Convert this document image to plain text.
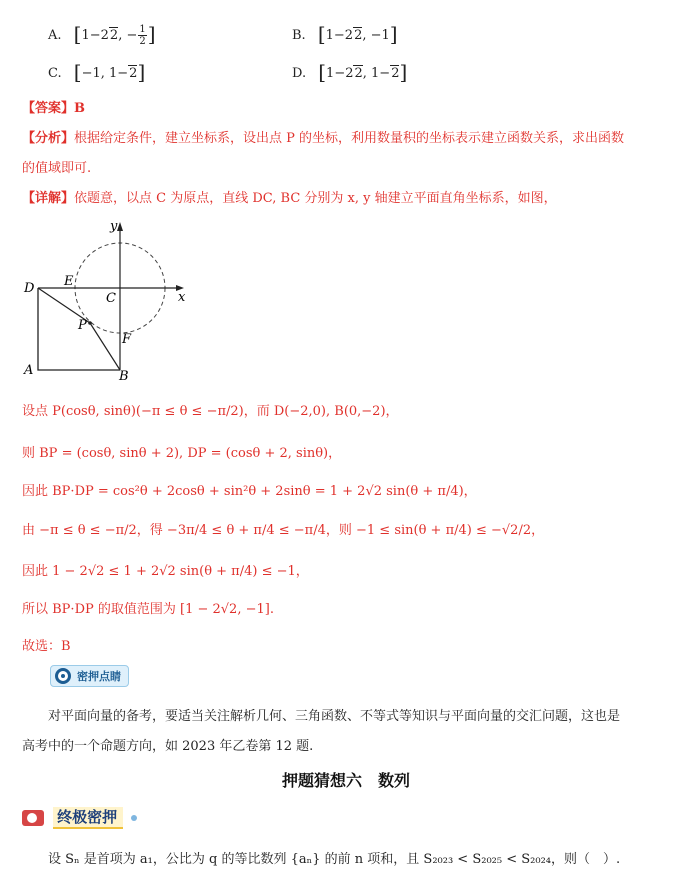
A. [1−22, − $\frac{1}{2}$ ]	B. [1−22, −1]
C. [−1, 1−2]	D. [1−22, 1−2]
【答案】B
【分析】根据给定条件，建立坐标系，设出点 P 的坐标，利用数量积的坐标表示建立函数关系，求出函数
的值域即可.
【详解】依题意，以点 C 为原点，直线 DC, BC 分别为 x, y 轴建立平面直角坐标系，如图，
y
x
D E
C
P
F
A	B
设点 P(cosθ, sinθ)(−π ≤ θ ≤ −π/2)，而 D(−2,0), B(0,−2)，
则 BP = (cosθ, sinθ + 2), DP = (cosθ + 2, sinθ)，
因此 BP·DP = cos²θ + 2cosθ + sin²θ + 2sinθ = 1 + 2√2 sin(θ + π/4)，
由 −π ≤ θ ≤ −π/2，得 −3π/4 ≤ θ + π/4 ≤ −π/4，则 −1 ≤ sin(θ + π/4) ≤ −√2/2，
因此 1 − 2√2 ≤ 1 + 2√2 sin(θ + π/4) ≤ −1，
所以 BP·DP 的取值范围为 [1 − 2√2, −1].
故选：B
密押点睛
对平面向量的备考，要适当关注解析几何、三角函数、不等式等知识与平面向量的交汇问题，这也是
高考中的一个命题方向，如 2023 年乙卷第 12 题.
押题猜想六　数列
终极密押
设 Sₙ 是首项为 a₁，公比为 q 的等比数列 {aₙ} 的前 n 项和，且 S₂₀₂₃ < S₂₀₂₅ < S₂₀₂₄，则（　）.
